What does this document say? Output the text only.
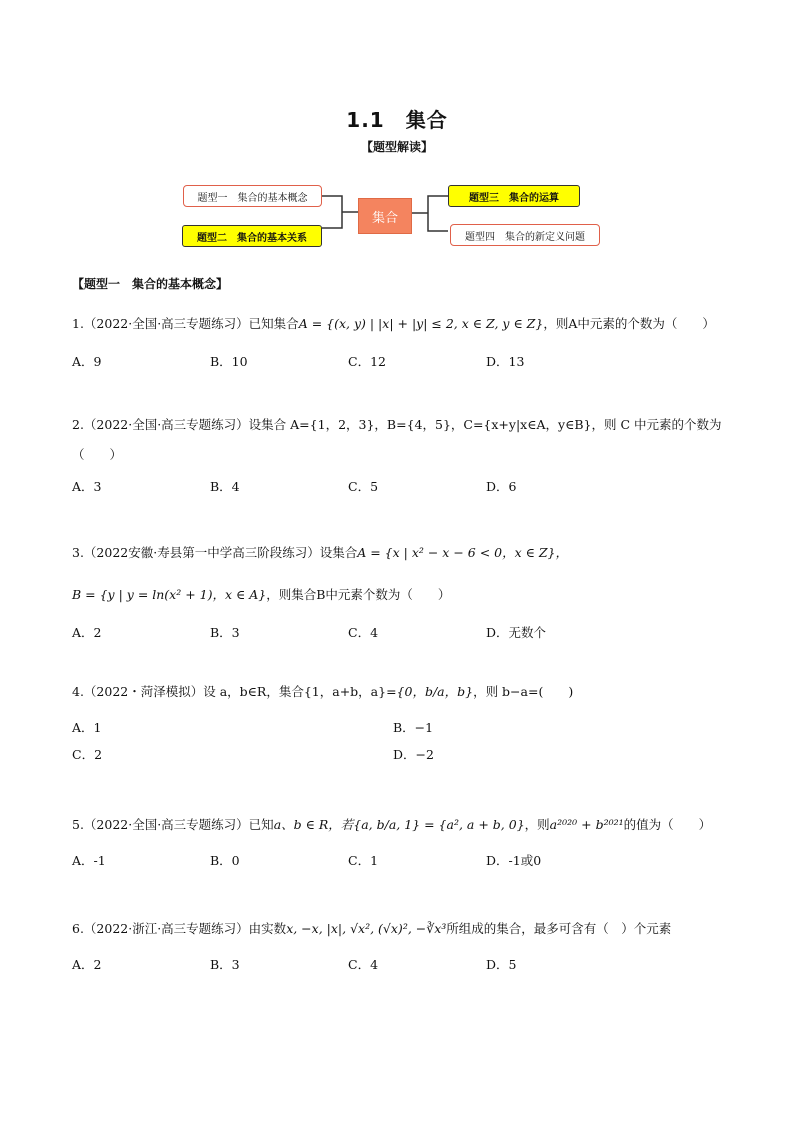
1.1　集合
【题型解读】
题型一　集合的基本概念
题型二　集合的基本关系
集合
题型三　集合的运算
题型四　集合的新定义问题
【题型一　集合的基本概念】
1.（2022·全国·高三专题练习）已知集合A = {(x, y) | |x| + |y| ≤ 2, x ∈ Z, y ∈ Z}，则A中元素的个数为（　　）
A．9	B．10	C．12	D．13
2.（2022·全国·高三专题练习）设集合 A={1，2，3}，B={4，5}，C={x+y|x∈A，y∈B}，则 C 中元素的个数为
（　　）
A．3	B．4	C．5	D．6
3.（2022安徽·寿县第一中学高三阶段练习）设集合A = {x | x² − x − 6 < 0，x ∈ Z}，
B = {y | y = ln(x² + 1)，x ∈ A}，则集合B中元素个数为（　　）
A．2	B．3	C．4	D．无数个
4.（2022・菏泽模拟）设 a，b∈R，集合{1，a+b，a}={0，b/a，b}，则 b−a=(　　)
A．1	B．−1
C．2	D．−2
5.（2022·全国·高三专题练习）已知a、b ∈ R，若{a, b/a, 1} = {a², a + b, 0}，则a²⁰²⁰ + b²⁰²¹的值为（　　）
A．-1	B．0	C．1	D．-1或0
6.（2022·浙江·高三专题练习）由实数x, −x, |x|, √x², (√x)², −∛x³所组成的集合，最多可含有（　）个元素
A．2	B．3	C．4	D．5
